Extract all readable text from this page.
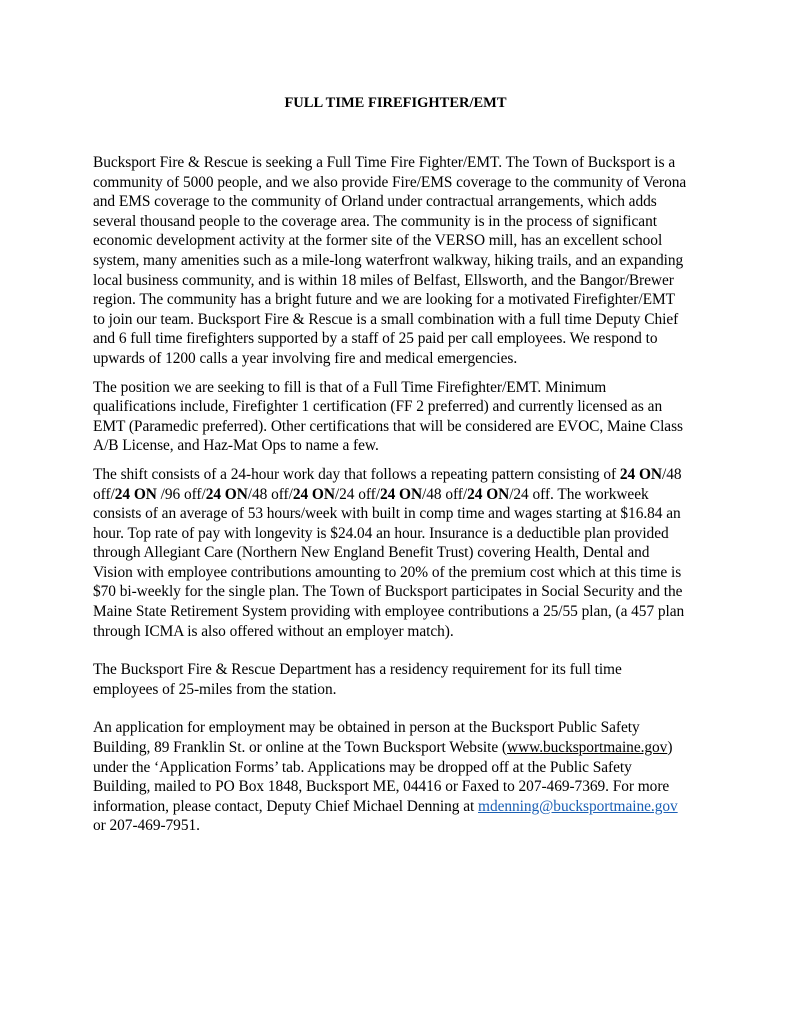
FULL TIME FIREFIGHTER/EMT

Bucksport Fire & Rescue is seeking a Full Time Fire Fighter/EMT. The Town of Bucksport is a
community of 5000 people, and we also provide Fire/EMS coverage to the community of Verona
and EMS coverage to the community of Orland under contractual arrangements, which adds
several thousand people to the coverage area. The community is in the process of significant
economic development activity at the former site of the VERSO mill, has an excellent school
system, many amenities such as a mile-long waterfront walkway, hiking trails, and an expanding
local business community, and is within 18 miles of Belfast, Ellsworth, and the Bangor/Brewer
region. The community has a bright future and we are looking for a motivated Firefighter/EMT
to join our team. Bucksport Fire & Rescue is a small combination with a full time Deputy Chief
and 6 full time firefighters supported by a staff of 25 paid per call employees. We respond to
upwards of 1200 calls a year involving fire and medical emergencies.

The position we are seeking to fill is that of a Full Time Firefighter/EMT. Minimum
qualifications include, Firefighter 1 certification (FF 2 preferred) and currently licensed as an
EMT (Paramedic preferred). Other certifications that will be considered are EVOC, Maine Class
A/B License, and Haz-Mat Ops to name a few.

The shift consists of a 24-hour work day that follows a repeating pattern consisting of 24 ON/48
off/24 ON /96 off/24 ON/48 off/24 ON/24 off/24 ON/48 off/24 ON/24 off. The workweek
consists of an average of 53 hours/week with built in comp time and wages starting at $16.84 an
hour. Top rate of pay with longevity is $24.04 an hour. Insurance is a deductible plan provided
through Allegiant Care (Northern New England Benefit Trust) covering Health, Dental and
Vision with employee contributions amounting to 20% of the premium cost which at this time is
$70 bi-weekly for the single plan. The Town of Bucksport participates in Social Security and the
Maine State Retirement System providing with employee contributions a 25/55 plan, (a 457 plan
through ICMA is also offered without an employer match).

The Bucksport Fire & Rescue Department has a residency requirement for its full time
employees of 25-miles from the station.

An application for employment may be obtained in person at the Bucksport Public Safety
Building, 89 Franklin St. or online at the Town Bucksport Website (www.bucksportmaine.gov)
under the ‘Application Forms’ tab. Applications may be dropped off at the Public Safety
Building, mailed to PO Box 1848, Bucksport ME, 04416 or Faxed to 207-469-7369. For more
information, please contact, Deputy Chief Michael Denning at mdenning@bucksportmaine.gov
or 207-469-7951.
